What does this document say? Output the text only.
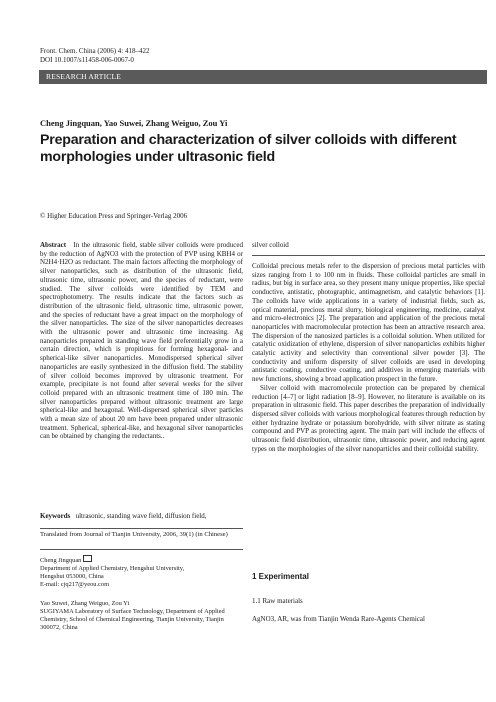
Front. Chem. China (2006) 4: 418–422
DOI 10.1007/s11458-006-0067-0
RESEARCH ARTICLE
Cheng Jingquan, Yao Suwei, Zhang Weiguo, Zou Yi
Preparation and characterization of silver colloids with different
morphologies under ultrasonic field
© Higher Education Press and Springer-Verlag 2006

Abstract In the ultrasonic field, stable silver colloids were produced by the reduction of AgNO3 with the protection of PVP using KBH4 or N2H4·H2O as reductant. The main factors affecting the morphology of silver nanoparticles, such as distribution of the ultrasonic field, ultrasonic time, ultrasonic power, and the species of reductant, were studied. The silver colloids were identified by TEM and spectrophotometry. The results indicate that the factors such as distribution of the ultrasonic field, ultrasonic time, ultrasonic power, and the species of reductant have a great impact on the morphology of the silver nanoparticles. The size of the silver nanoparticles decreases with the ultrasonic power and ultrasonic time increasing. Ag nanoparticles prepared in standing wave field preferentially grow in a certain direction, which is propitious for forming hexagonal- and spherical-like silver nanoparticles. Monodispersed spherical silver nanoparticles are easily synthesized in the diffusion field. The stability of silver colloid becomes improved by ultrasonic treatment. For example, precipitate is not found after several weeks for the silver colloid prepared with an ultrasonic treatment time of 180 min. The silver nanoparticles prepared without ultrasonic treatment are large spherical-like and hexagonal. Well-dispersed spherical silver particles with a mean size of about 20 nm have been prepared under ultrasonic treatment. Spherical, spherical-like, and hexagonal silver nanoparticles can be obtained by changing the reductants..

Keywords ultrasonic, standing wave field, diffusion field,
Translated from Journal of Tianjin University, 2006, 39(1) (in Chinese)
Cheng Jingquan
Department of Applied Chemistry, Hengshui University,
Hengshui 053000, China
E-mail: cjq217@yeou.com
Yao Suwei, Zhang Weiguo, Zou Yi
SUGIYAMA Laboratory of Surface Technology, Department of Applied Chemistry, School of Chemical Engineering, Tianjin University, Tianjin 300072, China
silver colloid

Colloidal precious metals refer to the dispersion of precious metal particles with sizes ranging from 1 to 100 nm in fluids. These colloidal particles are small in radius, but big in surface area, so they present many unique properties, like special conductive, antistatic, photographic, antimagnetism, and catalytic behaviors [1]. The colloids have wide applications in a variety of industrial fields, such as, optical material, precious metal slurry, biological engineering, medicine, catalyst and micro-electronics [2]. The preparation and application of the precious metal nanoparticles with macromolecular protection has been an attractive research area. The dispersion of the nanosized particles is a colloidal solution. When utilized for catalytic oxidization of ethylene, dispersion of silver nanoparticles exhibits higher catalytic activity and selectivity than conventional silver powder [3]. The conductivity and uniform dispersity of silver colloids are used in developing antistatic coating, conductive coating, and additives in emerging materials with new functions, showing a broad application prospect in the future.

Silver colloid with macromolecule protection can be prepared by chemical reduction [4–7] or light radiation [8–9]. However, no literature is available on its preparation in ultrasonic field. This paper describes the preparation of individually dispersed silver colloids with various morphological features through reduction by either hydrazine hydrate or potassium borohydride, with silver nitrate as stating compound and PVP as protecting agent. The main part will include the effects of ultrasonic field distribution, ultrasonic time, ultrasonic power, and reducing agent types on the morphologies of the silver nanoparticles and their colloidal stability.

1 Experimental
1.1 Raw materials
AgNO3, AR, was from Tianjin Wenda Rare-Agents Chemical
